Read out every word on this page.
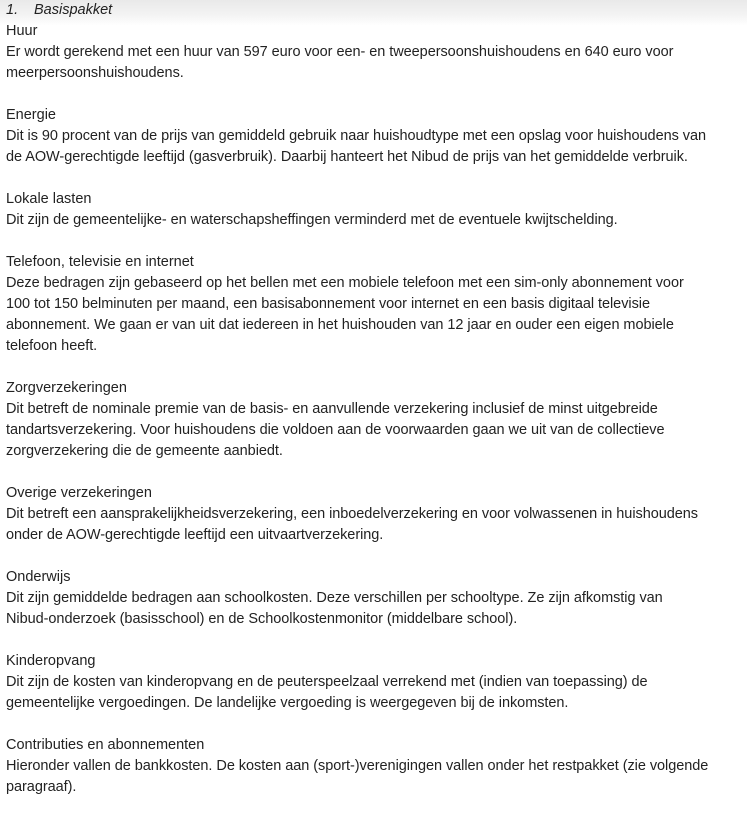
1. Basispakket
Huur
Er wordt gerekend met een huur van 597 euro voor een- en tweepersoonshuishoudens en 640 euro voor
meerpersoonshuishoudens.
Energie
Dit is 90 procent van de prijs van gemiddeld gebruik naar huishoudtype met een opslag voor huishoudens van
de AOW-gerechtigde leeftijd (gasverbruik). Daarbij hanteert het Nibud de prijs van het gemiddelde verbruik.
Lokale lasten
Dit zijn de gemeentelijke- en waterschapsheffingen verminderd met de eventuele kwijtschelding.
Telefoon, televisie en internet
Deze bedragen zijn gebaseerd op het bellen met een mobiele telefoon met een sim-only abonnement voor
100 tot 150 belminuten per maand, een basisabonnement voor internet en een basis digitaal televisie
abonnement. We gaan er van uit dat iedereen in het huishouden van 12 jaar en ouder een eigen mobiele
telefoon heeft.
Zorgverzekeringen
Dit betreft de nominale premie van de basis- en aanvullende verzekering inclusief de minst uitgebreide
tandartsverzekering. Voor huishoudens die voldoen aan de voorwaarden gaan we uit van de collectieve
zorgverzekering die de gemeente aanbiedt.
Overige verzekeringen
Dit betreft een aansprakelijkheidsverzekering, een inboedelverzekering en voor volwassenen in huishoudens
onder de AOW-gerechtigde leeftijd een uitvaartverzekering.
Onderwijs
Dit zijn gemiddelde bedragen aan schoolkosten. Deze verschillen per schooltype. Ze zijn afkomstig van
Nibud-onderzoek (basisschool) en de Schoolkostenmonitor (middelbare school).
Kinderopvang
Dit zijn de kosten van kinderopvang en de peuterspeelzaal verrekend met (indien van toepassing) de
gemeentelijke vergoedingen. De landelijke vergoeding is weergegeven bij de inkomsten.
Contributies en abonnementen
Hieronder vallen de bankkosten. De kosten aan (sport-)verenigingen vallen onder het restpakket (zie volgende
paragraaf).
